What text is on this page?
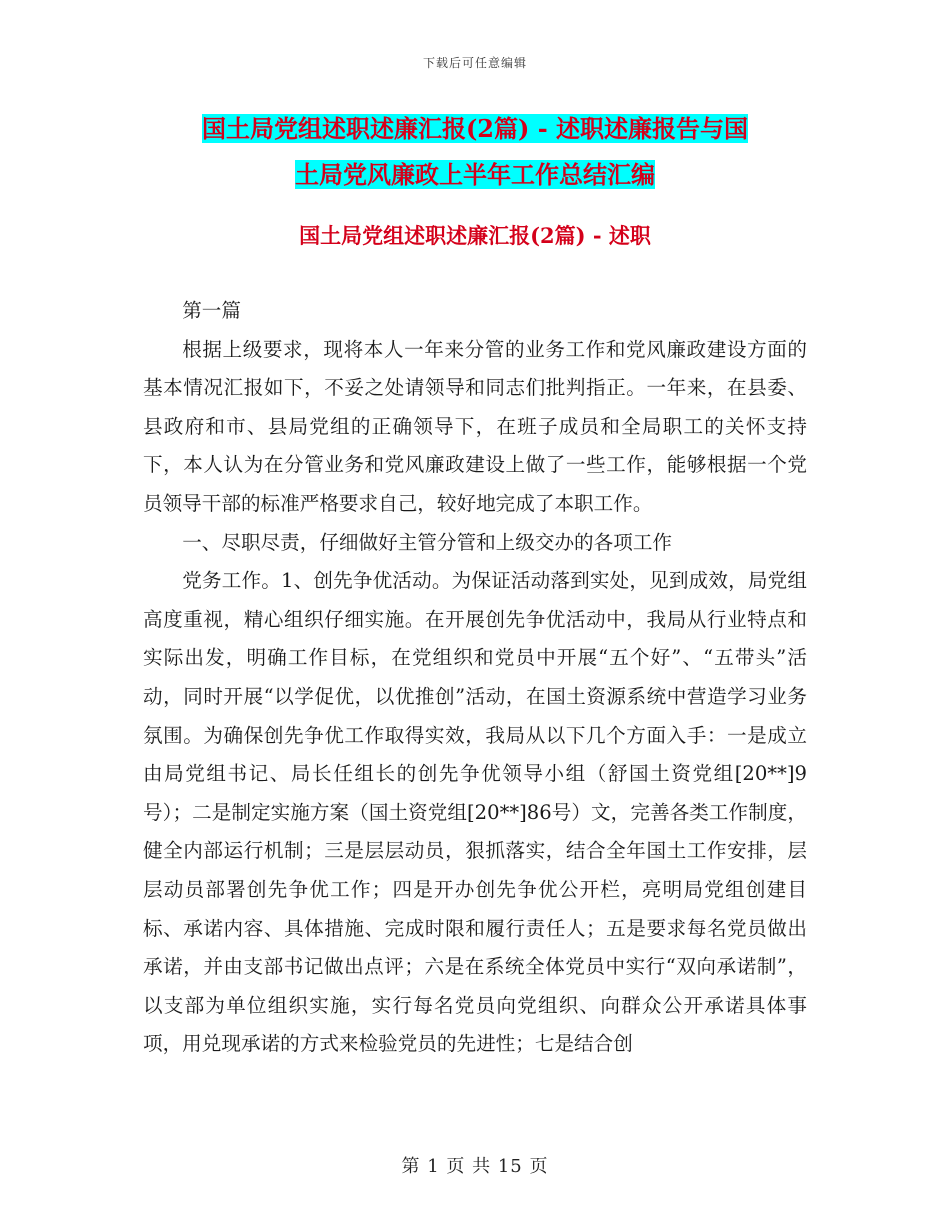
下载后可任意编辑
国土局党组述职述廉汇报(2篇) - 述职述廉报告与国
土局党风廉政上半年工作总结汇编
国土局党组述职述廉汇报(2篇) - 述职

第一篇

根据上级要求，现将本人一年来分管的业务工作和党风廉政建设方面的基本情况汇报如下，不妥之处请领导和同志们批判指正。一年来，在县委、县政府和市、县局党组的正确领导下，在班子成员和全局职工的关怀支持下，本人认为在分管业务和党风廉政建设上做了一些工作，能够根据一个党员领导干部的标准严格要求自己，较好地完成了本职工作。

一、尽职尽责，仔细做好主管分管和上级交办的各项工作

党务工作。1、创先争优活动。为保证活动落到实处，见到成效，局党组高度重视，精心组织仔细实施。在开展创先争优活动中，我局从行业特点和实际出发，明确工作目标，在党组织和党员中开展“五个好”、“五带头”活动，同时开展“以学促优，以优推创”活动，在国土资源系统中营造学习业务氛围。为确保创先争优工作取得实效，我局从以下几个方面入手：一是成立由局党组书记、局长任组长的创先争优领导小组（舒国土资党组[20**]9号）；二是制定实施方案（国土资党组[20**]86号）文，完善各类工作制度，健全内部运行机制；三是层层动员，狠抓落实，结合全年国土工作安排，层层动员部署创先争优工作；四是开办创先争优公开栏，亮明局党组创建目标、承诺内容、具体措施、完成时限和履行责任人；五是要求每名党员做出承诺，并由支部书记做出点评；六是在系统全体党员中实行“双向承诺制”，以支部为单位组织实施，实行每名党员向党组织、向群众公开承诺具体事项，用兑现承诺的方式来检验党员的先进性；七是结合创

第 1 页 共 15 页
